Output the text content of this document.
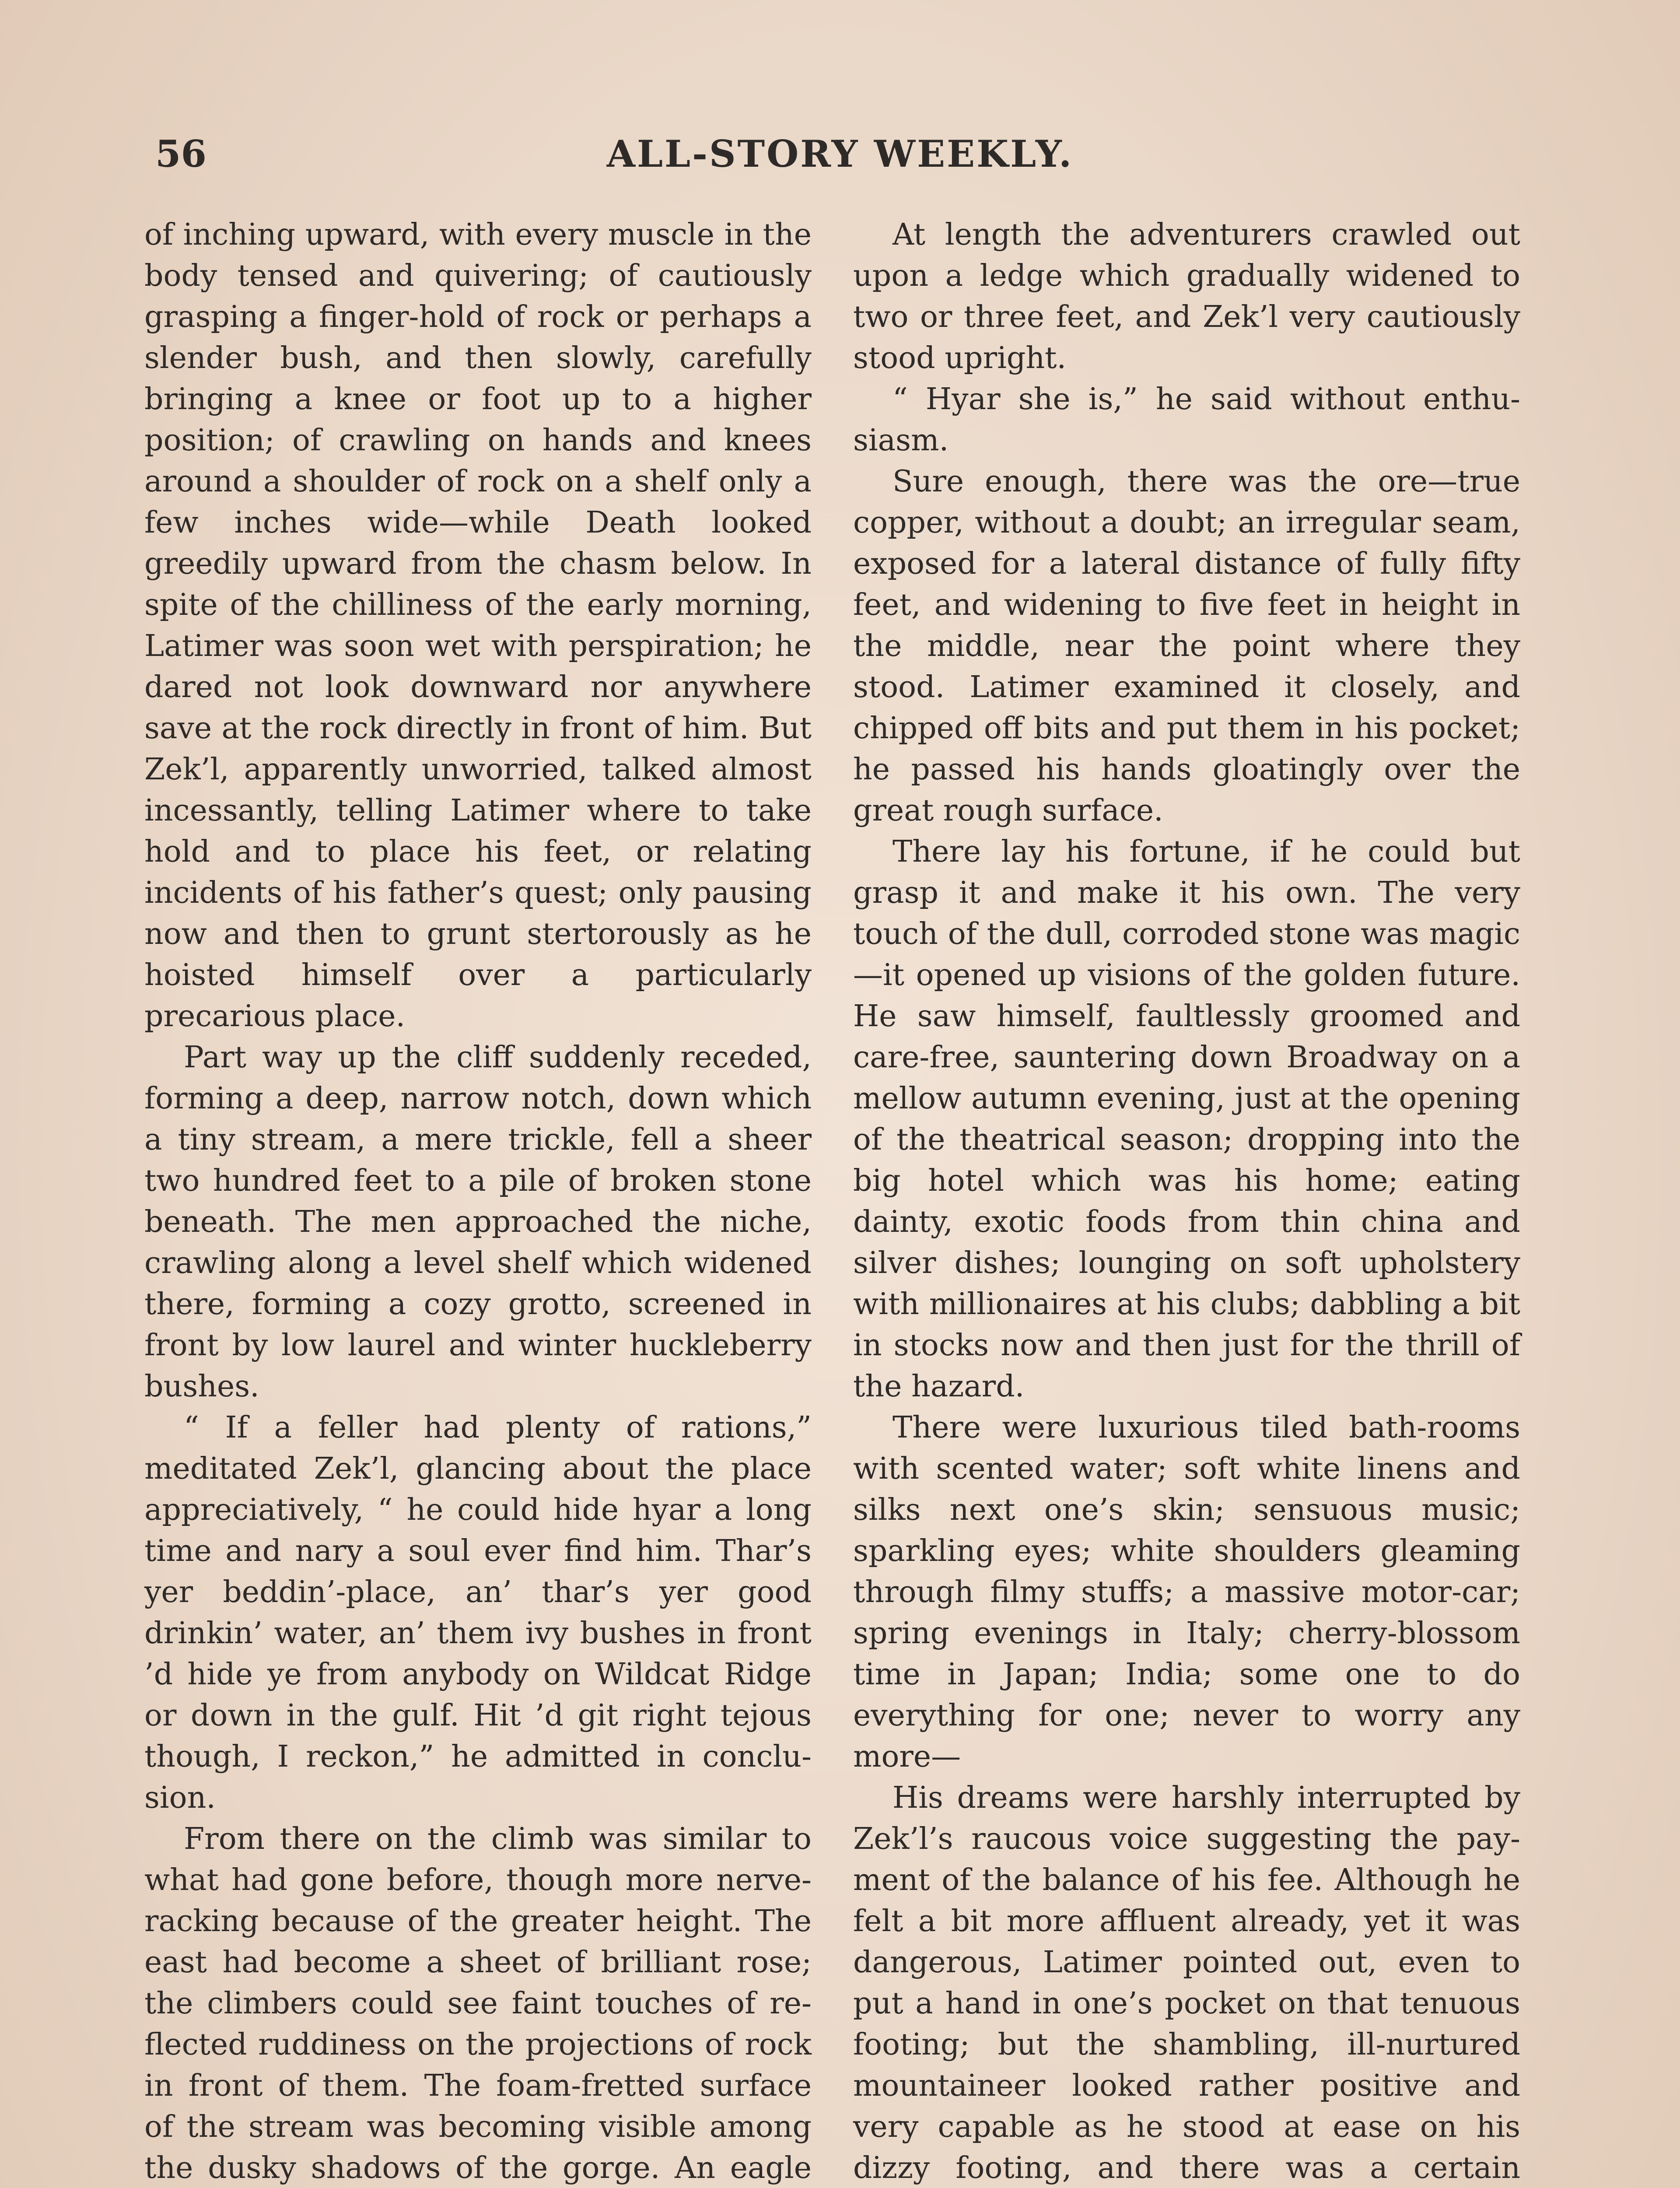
56	ALL-STORY WEEKLY.

of inching upward, with every muscle in the body tensed and quivering; of cautiously grasping a finger-hold of rock or perhaps a slender bush, and then slowly, carefully bringing a knee or foot up to a higher position; of crawling on hands and knees around a shoulder of rock on a shelf only a few inches wide—while Death looked greedily upward from the chasm below. In spite of the chilliness of the early morning, Latimer was soon wet with perspiration; he dared not look downward nor anywhere save at the rock directly in front of him. But Zek’l, apparently unworried, talked almost incessantly, telling Latimer where to take hold and to place his feet, or relating incidents of his father’s quest; only pausing now and then to grunt stertorously as he hoisted himself over a particularly precarious place.

Part way up the cliff suddenly receded, forming a deep, narrow notch, down which a tiny stream, a mere trickle, fell a sheer two hundred feet to a pile of broken stone beneath. The men approached the niche, crawling along a level shelf which widened there, forming a cozy grotto, screened in front by low laurel and winter huckleberry bushes.

“ If a feller had plenty of rations,” meditated Zek’l, glancing about the place appreciatively, “ he could hide hyar a long time and nary a soul ever find him. Thar’s yer beddin’-place, an’ thar’s yer good drinkin’ water, an’ them ivy bushes in front ’d hide ye from anybody on Wildcat Ridge or down in the gulf. Hit ’d git right tejous though, I reckon,” he admitted in conclusion.

From there on the climb was similar to what had gone before, though more nerve-racking because of the greater height. The east had become a sheet of brilliant rose; the climbers could see faint touches of reflected ruddiness on the projections of rock in front of them. The foam-fretted surface of the stream was becoming visible among the dusky shadows of the gorge. An eagle

At length the adventurers crawled out upon a ledge which gradually widened to two or three feet, and Zek’l very cautiously stood upright.

“ Hyar she is,” he said without enthusiasm.

Sure enough, there was the ore—true copper, without a doubt; an irregular seam, exposed for a lateral distance of fully fifty feet, and widening to five feet in height in the middle, near the point where they stood. Latimer examined it closely, and chipped off bits and put them in his pocket; he passed his hands gloatingly over the great rough surface.

There lay his fortune, if he could but grasp it and make it his own. The very touch of the dull, corroded stone was magic—it opened up visions of the golden future. He saw himself, faultlessly groomed and care-free, sauntering down Broadway on a mellow autumn evening, just at the opening of the theatrical season; dropping into the big hotel which was his home; eating dainty, exotic foods from thin china and silver dishes; lounging on soft upholstery with millionaires at his clubs; dabbling a bit in stocks now and then just for the thrill of the hazard.

There were luxurious tiled bath-rooms with scented water; soft white linens and silks next one’s skin; sensuous music; sparkling eyes; white shoulders gleaming through filmy stuffs; a massive motor-car; spring evenings in Italy; cherry-blossom time in Japan; India; some one to do everything for one; never to worry any more—

His dreams were harshly interrupted by Zek’l’s raucous voice suggesting the payment of the balance of his fee. Although he felt a bit more affluent already, yet it was dangerous, Latimer pointed out, even to put a hand in one’s pocket on that tenuous footing; but the shambling, ill-nurtured mountaineer looked rather positive and very capable as he stood at ease on his dizzy footing, and there was a certain
